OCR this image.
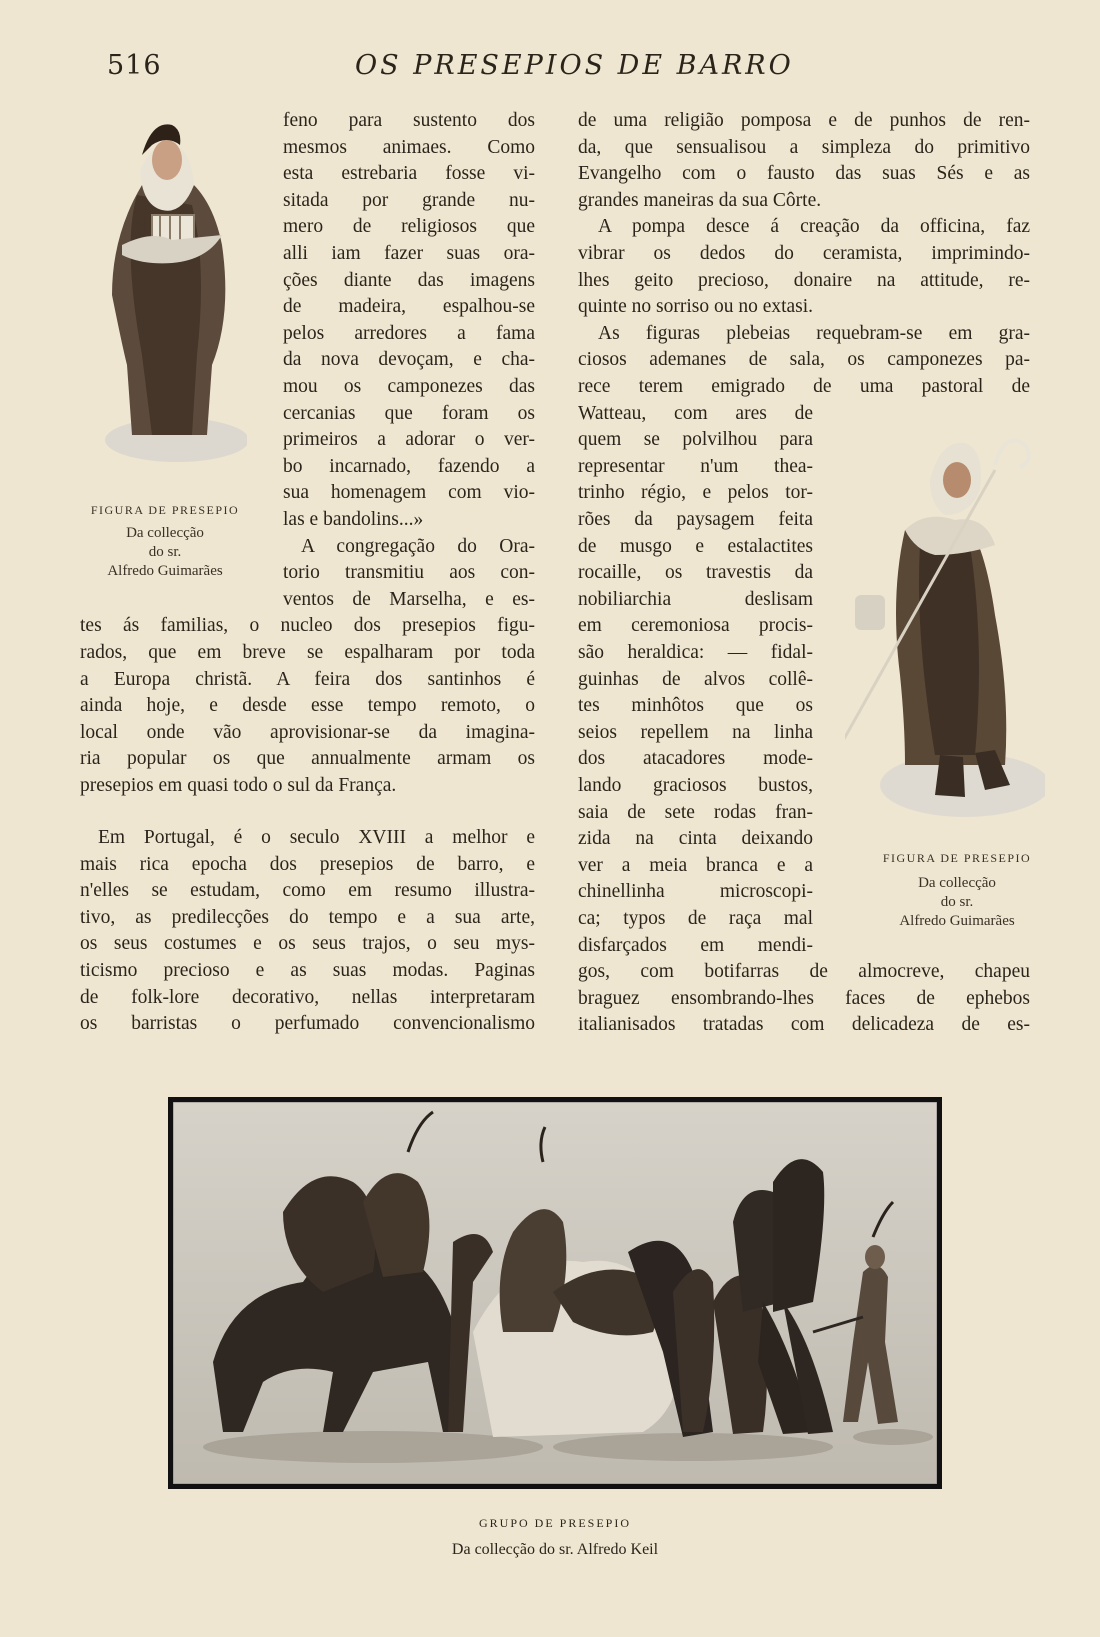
516	OS PRESEPIOS DE BARRO
FIGURA DE PRESEPIO
Da collecção
do sr.
Alfredo Guimarães
feno para sustento dos
mesmos animaes. Como
esta estrebaria fosse vi-
sitada por grande nu-
mero de religiosos que
alli iam fazer suas ora-
ções diante das imagens
de madeira, espalhou-se
pelos arredores a fama
da nova devoçam, e cha-
mou os camponezes das
cercanias que foram os
primeiros a adorar o ver-
bo incarnado, fazendo a
sua homenagem com vio-
las e bandolins...»
A congregação do Ora-
torio transmitiu aos con-
ventos de Marselha, e es-
tes ás familias, o nucleo dos presepios figu-
rados, que em breve se espalharam por toda
a Europa christã. A feira dos santinhos é
ainda hoje, e desde esse tempo remoto, o
local onde vão aprovisionar-se da imagina-
ria popular os que annualmente armam os
presepios em quasi todo o sul da França.
Em Portugal, é o seculo XVIII a melhor e
mais rica epocha dos presepios de barro, e
n'elles se estudam, como em resumo illustra-
tivo, as predilecções do tempo e a sua arte,
os seus costumes e os seus trajos, o seu mys-
ticismo precioso e as suas modas. Paginas
de folk-lore decorativo, nellas interpretaram
os barristas o perfumado convencionalismo
de uma religião pomposa e de punhos de ren-
da, que sensualisou a simpleza do primitivo
Evangelho com o fausto das suas Sés e as
grandes maneiras da sua Côrte.
A pompa desce á creação da officina, faz
vibrar os dedos do ceramista, imprimindo-
lhes geito precioso, donaire na attitude, re-
quinte no sorriso ou no extasi.
As figuras plebeias requebram-se em gra-
ciosos ademanes de sala, os camponezes pa-
rece terem emigrado de uma pastoral de
Watteau, com ares de
quem se polvilhou para
representar n'um thea-
trinho régio, e pelos tor-
rões da paysagem feita
de musgo e estalactites
rocaille, os travestis da
nobiliarchia deslisam
em ceremoniosa procis-
são heraldica: — fidal-
guinhas de alvos collê-
tes minhôtos que os
seios repellem na linha
dos atacadores mode-
lando graciosos bustos,
saia de sete rodas fran-
zida na cinta deixando
ver a meia branca e a
chinellinha microscopi-
ca; typos de raça mal
disfarçados em mendi-
gos, com botifarras de almocreve, chapeu
braguez ensombrando-lhes faces de ephebos
italianisados tratadas com delicadeza de es-
FIGURA DE PRESEPIO
Da collecção
do sr.
Alfredo Guimarães
GRUPO DE PRESEPIO
Da collecção do sr. Alfredo Keil
